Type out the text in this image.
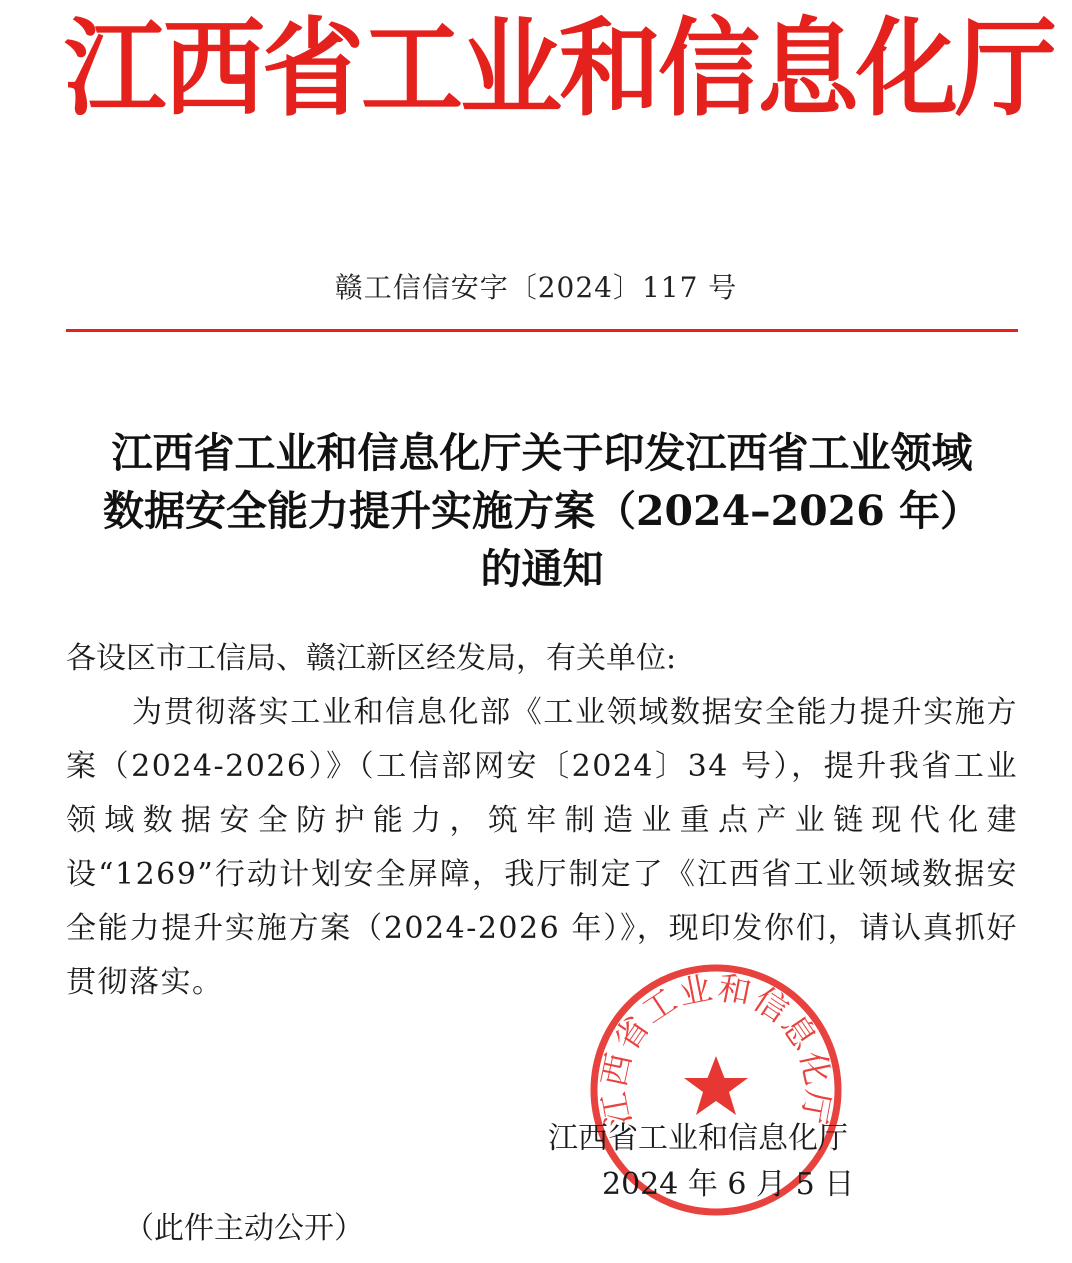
江西省工业和信息化厅
赣工信信安字〔2024〕117 号
江西省工业和信息化厅关于印发江西省工业领域
数据安全能力提升实施方案（2024–2026 年）
的通知
各设区市工信局、赣江新区经发局，有关单位:
为贯彻落实工业和信息化部《工业领域数据安全能力提升实施方案（2024-2026）》（工信部网安〔2024〕34 号），提升我省工业领域数据安全防护能力，筑牢制造业重点产业链现代化建设“1269”行动计划安全屏障，我厅制定了《江西省工业领域数据安全能力提升实施方案（2024-2026 年）》，现印发你们，请认真抓好贯彻落实。
江西省工业和信息化厅
江西省工业和信息化厅
2024 年 6 月 5 日
（此件主动公开）
